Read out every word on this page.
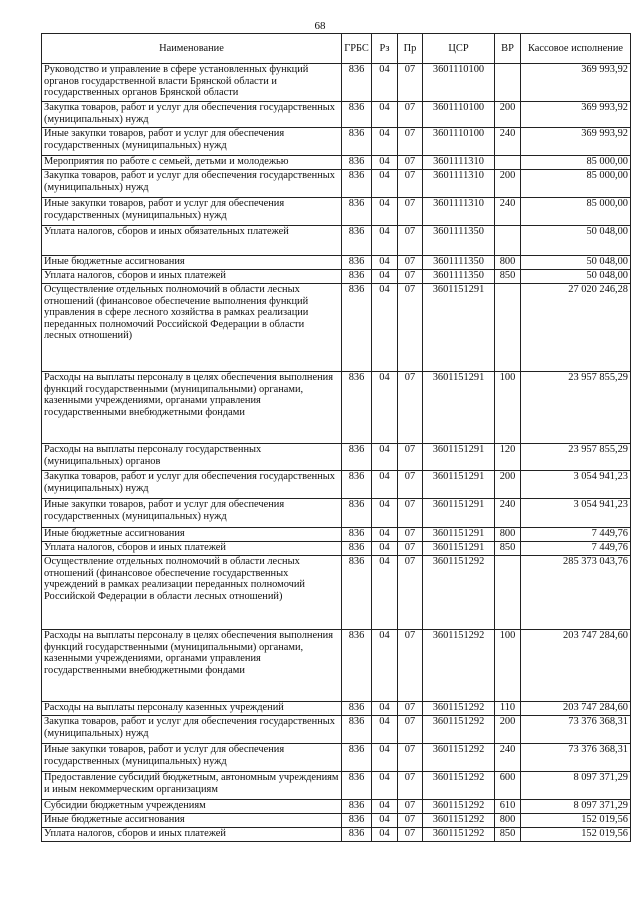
68
Наименование	ГРБС	Рз	Пр	ЦСР	ВР	Кассовое исполнение
Руководство и управление в сфере установленных функций органов государственной власти Брянской области и государственных органов Брянской области	836	04	07	3601110100		369 993,92
Закупка товаров, работ и услуг для обеспечения государственных (муниципальных) нужд	836	04	07	3601110100	200	369 993,92
Иные закупки товаров, работ и услуг для обеспечения государственных (муниципальных) нужд	836	04	07	3601110100	240	369 993,92
Мероприятия по работе с семьей, детьми и молодежью	836	04	07	3601111310		85 000,00
Закупка товаров, работ и услуг для обеспечения государственных (муниципальных) нужд	836	04	07	3601111310	200	85 000,00
Иные закупки товаров, работ и услуг для обеспечения государственных (муниципальных) нужд	836	04	07	3601111310	240	85 000,00
Уплата налогов, сборов и иных обязательных платежей	836	04	07	3601111350		50 048,00
Иные бюджетные ассигнования	836	04	07	3601111350	800	50 048,00
Уплата налогов, сборов и иных платежей	836	04	07	3601111350	850	50 048,00
Осуществление отдельных полномочий в области лесных отношений (финансовое обеспечение выполнения функций управления в сфере лесного хозяйства в рамках реализации переданных полномочий Российской Федерации в области лесных отношений)	836	04	07	3601151291		27 020 246,28
Расходы на выплаты персоналу в целях обеспечения выполнения функций государственными (муниципальными) органами, казенными учреждениями, органами управления государственными внебюджетными фондами	836	04	07	3601151291	100	23 957 855,29
Расходы на выплаты персоналу государственных (муниципальных) органов	836	04	07	3601151291	120	23 957 855,29
Закупка товаров, работ и услуг для обеспечения государственных (муниципальных) нужд	836	04	07	3601151291	200	3 054 941,23
Иные закупки товаров, работ и услуг для обеспечения государственных (муниципальных) нужд	836	04	07	3601151291	240	3 054 941,23
Иные бюджетные ассигнования	836	04	07	3601151291	800	7 449,76
Уплата налогов, сборов и иных платежей	836	04	07	3601151291	850	7 449,76
Осуществление отдельных полномочий в области лесных отношений (финансовое обеспечение государственных учреждений в рамках реализации переданных полномочий Российской Федерации в области лесных отношений)	836	04	07	3601151292		285 373 043,76
Расходы на выплаты персоналу в целях обеспечения выполнения функций государственными (муниципальными) органами, казенными учреждениями, органами управления государственными внебюджетными фондами	836	04	07	3601151292	100	203 747 284,60
Расходы на выплаты персоналу казенных учреждений	836	04	07	3601151292	110	203 747 284,60
Закупка товаров, работ и услуг для обеспечения государственных (муниципальных) нужд	836	04	07	3601151292	200	73 376 368,31
Иные закупки товаров, работ и услуг для обеспечения государственных (муниципальных) нужд	836	04	07	3601151292	240	73 376 368,31
Предоставление субсидий бюджетным, автономным учреждениям и иным некоммерческим организациям	836	04	07	3601151292	600	8 097 371,29
Субсидии бюджетным учреждениям	836	04	07	3601151292	610	8 097 371,29
Иные бюджетные ассигнования	836	04	07	3601151292	800	152 019,56
Уплата налогов, сборов и иных платежей	836	04	07	3601151292	850	152 019,56
